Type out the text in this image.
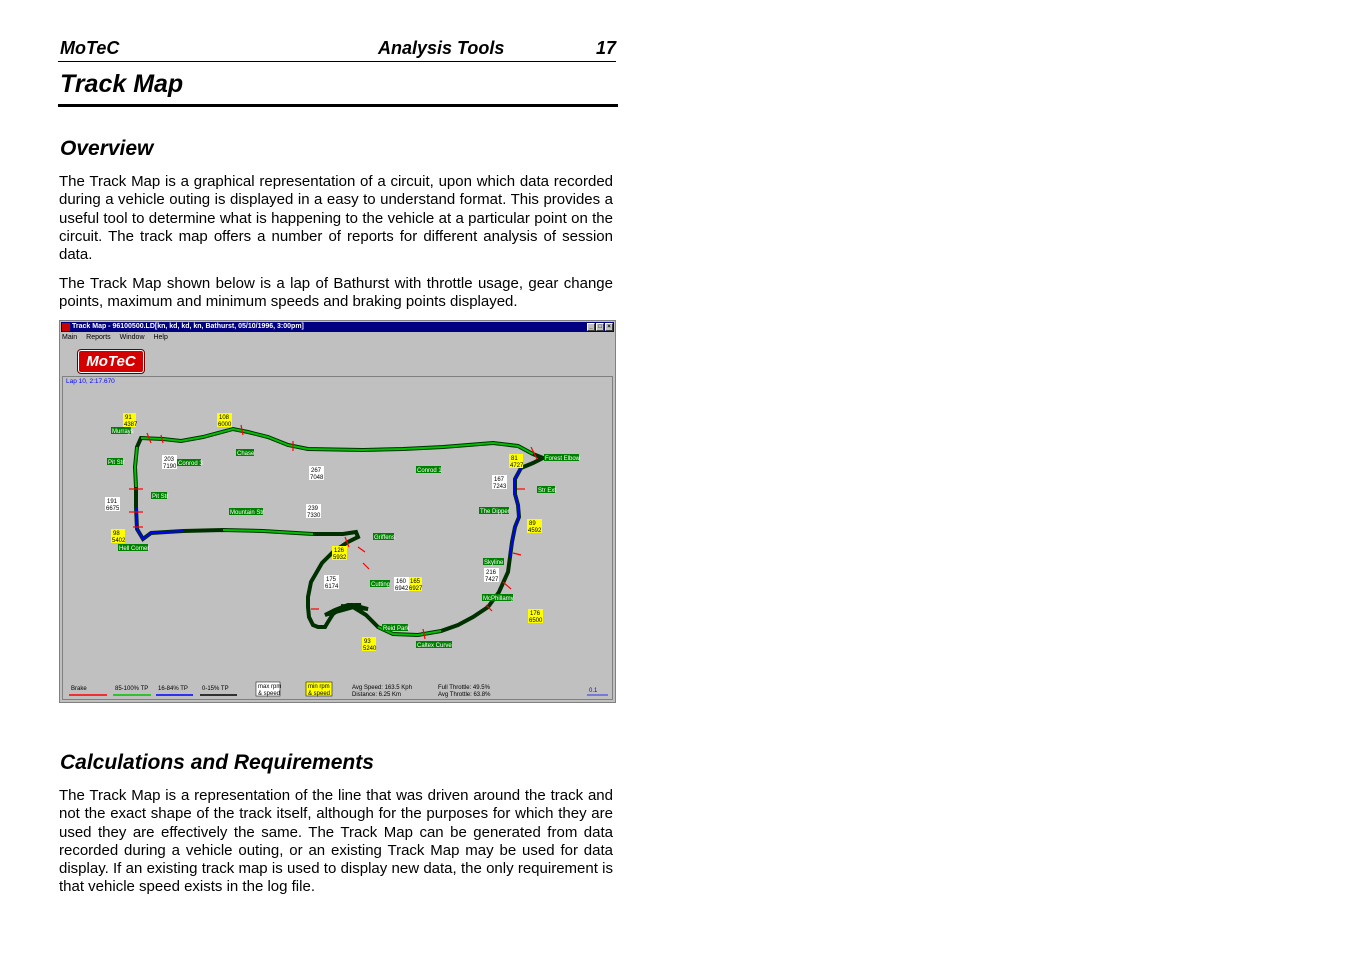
MoTeC	Analysis Tools	17
Track Map
Overview

The Track Map is a graphical representation of a circuit, upon which data recorded during a vehicle outing is displayed in a easy to understand format. This provides a useful tool to determine what is happening to the vehicle at a particular point on the circuit. The track map offers a number of reports for different analysis of session data.

The Track Map shown below is a lap of Bathurst with throttle usage, gear change points, maximum and minimum speeds and braking points displayed.

Track Map - 96100500.LD[kn, kd, kd, kn, Bathurst, 05/10/1996, 3:00pm]	_ □ ×
Main Reports Window Help
MoTeC
Lap 10, 2:17.670
Murrays
Pit Str
Pit Str
Hell Corner
Mountain Str
Conrod 3
Chase
Conrod 1
Forest Elbow
Str Ext
The Dipper
Skyline
McPhillamy
Griffens
Cutting
Reid Park
Caltex Curve
91
4387
108
6000
81
4727
89
4592
98
5402
126
5932
165
6927
176
6500
93
5240
203
7190
267
7048
191
6675	239
7330
167
7243
216
7427
175
6174
160
6942
Brake	85-100% TP 16-84% TP 0-15% TP	max rpm
& speed
min rpm
& speed
Avg Speed: 163.5 Kph
Distance: 6.25 Km
Full Throttle: 49.5%
Avg Throttle: 63.8%
0.1
Calculations and Requirements

The Track Map is a representation of the line that was driven around the track and not the exact shape of the track itself, although for the purposes for which they are used they are effectively the same. The Track Map can be generated from data recorded during a vehicle outing, or an existing Track Map may be used for data display. If an existing track map is used to display new data, the only requirement is that vehicle speed exists in the log file.
